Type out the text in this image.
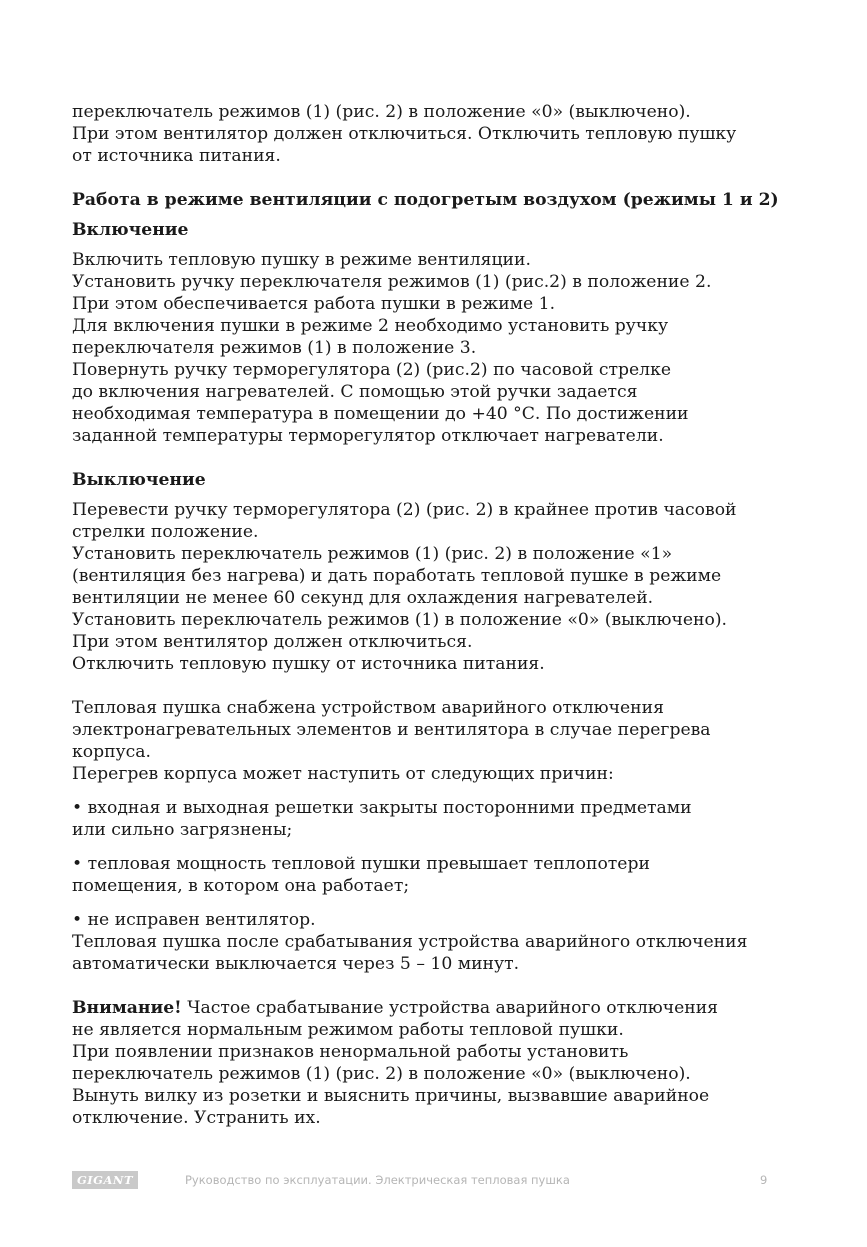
переключатель режимов (1) (рис. 2) в положение «0» (выключено).
При этом вентилятор должен отключиться. Отключить тепловую пушку
от источника питания.
Работа в режиме вентиляции с подогретым воздухом (режимы 1 и 2)
Включение
Включить тепловую пушку в режиме вентиляции.
Установить ручку переключателя режимов (1) (рис.2) в положение 2.
При этом обеспечивается работа пушки в режиме 1.
Для включения пушки в режиме 2 необходимо установить ручку
переключателя режимов (1) в положение 3.
Повернуть ручку терморегулятора (2) (рис.2) по часовой стрелке
до включения нагревателей. С помощью этой ручки задается
необходимая температура в помещении до +40 °С. По достижении
заданной температуры терморегулятор отключает нагреватели.
Выключение
Перевести ручку терморегулятора (2) (рис. 2) в крайнее против часовой
стрелки положение.
Установить переключатель режимов (1) (рис. 2) в положение «1»
(вентиляция без нагрева) и дать поработать тепловой пушке в режиме
вентиляции не менее 60 секунд для охлаждения нагревателей.
Установить переключатель режимов (1) в положение «0» (выключено).
При этом вентилятор должен отключиться.
Отключить тепловую пушку от источника питания.
Тепловая пушка снабжена устройством аварийного отключения
электронагревательных элементов и вентилятора в случае перегрева
корпуса.
Перегрев корпуса может наступить от следующих причин:
• входная и выходная решетки закрыты посторонними предметами
или сильно загрязнены;
• тепловая мощность тепловой пушки превышает теплопотери
помещения, в котором она работает;
• не исправен вентилятор.
Тепловая пушка после срабатывания устройства аварийного отключения
автоматически выключается через 5 – 10 минут.
Внимание! Частое срабатывание устройства аварийного отключения
не является нормальным режимом работы тепловой пушки.
При появлении признаков ненормальной работы установить
переключатель режимов (1) (рис. 2) в положение «0» (выключено).
Вынуть вилку из розетки и выяснить причины, вызвавшие аварийное
отключение. Устранить их.
GIGANT	Руководство по эксплуатации. Электрическая тепловая пушка	9
